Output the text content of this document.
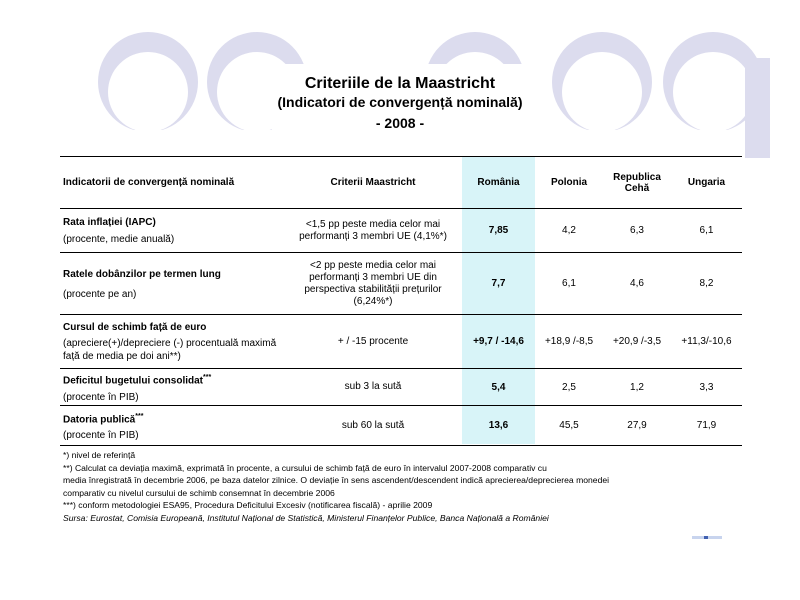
Criteriile de la Maastricht
(Indicatori de convergență nominală)
- 2008 -
Indicatorii de convergență nominală	Criterii Maastricht	România	Polonia	Republica Cehă	Ungaria

Rata inflației (IAPC)
(procente, medie anuală)	<1,5 pp peste media celor mai performanți 3 membri UE (4,1%*)	7,85	4,2	6,3	6,1

Ratele dobânzilor pe termen lung
(procente pe an)	<2 pp peste media celor mai performanți 3 membri UE din perspectiva stabilității prețurilor (6,24%*)	7,7	6,1	4,6	8,2

Cursul de schimb față de euro
(apreciere(+)/depreciere (-) procentuală maximă față de media pe doi ani**)	+ / -15 procente	+9,7 / -14,6	+18,9 /-8,5	+20,9 /-3,5	+11,3/-10,6

Deficitul bugetului consolidat***
(procente în PIB)	sub 3 la sută	5,4	2,5	1,2	3,3

Datoria publică***
(procente în PIB)	sub 60 la sută	13,6	45,5	27,9	71,9
*) nivel de referință
**) Calculat ca deviația maximă, exprimată în procente, a cursului de schimb față de euro în intervalul 2007-2008 comparativ cu
media înregistrată în decembrie 2006, pe baza datelor zilnice. O deviație în sens ascendent/descendent indică aprecierea/deprecierea monedei
comparativ cu nivelul cursului de schimb consemnat în decembrie 2006
***) conform metodologiei ESA95, Procedura Deficitului Excesiv (notificarea fiscală) - aprilie 2009
Sursa: Eurostat, Comisia Europeană, Institutul Național de Statistică, Ministerul Finanțelor Publice, Banca Națională a României
